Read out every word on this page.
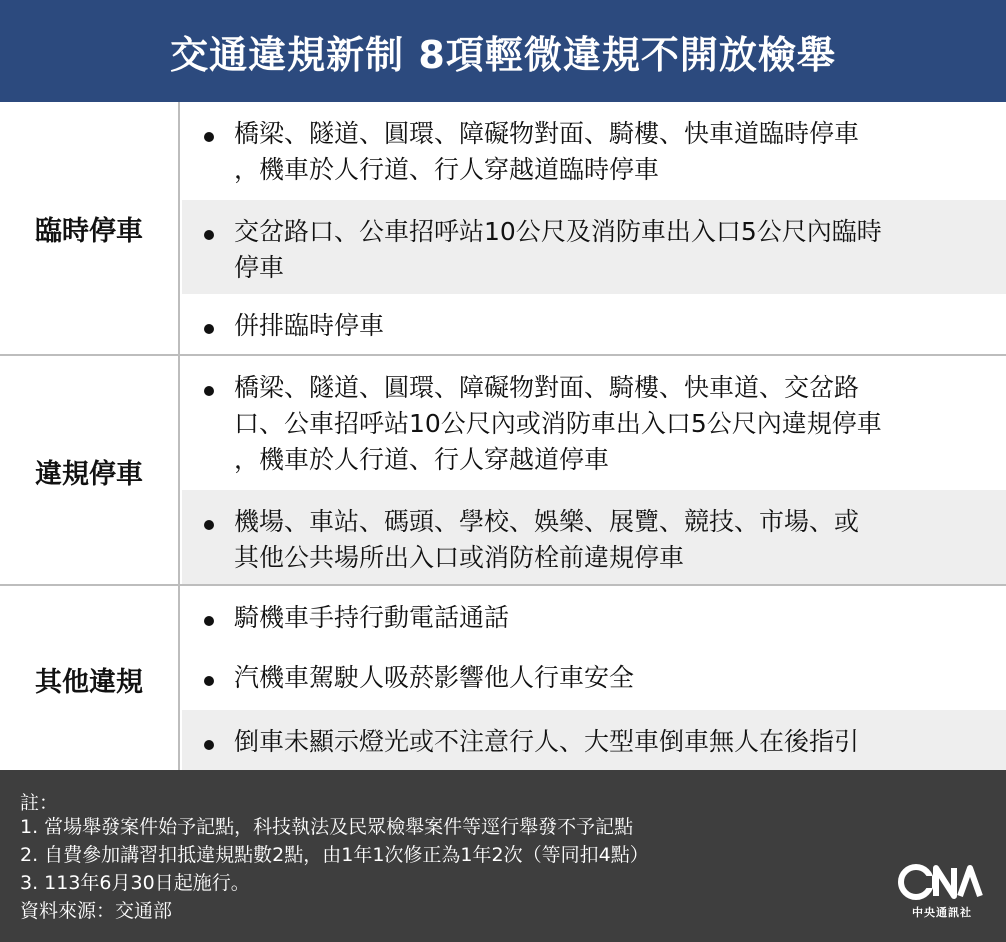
交通違規新制 8項輕微違規不開放檢舉
臨時停車
橋梁、隧道、圓環、障礙物對面、騎樓、快車道臨時停車
，機車於人行道、行人穿越道臨時停車
交岔路口、公車招呼站10公尺及消防車出入口5公尺內臨時
停車
併排臨時停車
違規停車
橋梁、隧道、圓環、障礙物對面、騎樓、快車道、交岔路
口、公車招呼站10公尺內或消防車出入口5公尺內違規停車
，機車於人行道、行人穿越道停車
機場、車站、碼頭、學校、娛樂、展覽、競技、市場、或
其他公共場所出入口或消防栓前違規停車
其他違規
騎機車手持行動電話通話
汽機車駕駛人吸菸影響他人行車安全
倒車未顯示燈光或不注意行人、大型車倒車無人在後指引
註：
1. 當場舉發案件始予記點，科技執法及民眾檢舉案件等逕行舉發不予記點
2. 自費參加講習扣抵違規點數2點，由1年1次修正為1年2次（等同扣4點）
3. 113年6月30日起施行。
資料來源：交通部	中央通訊社
